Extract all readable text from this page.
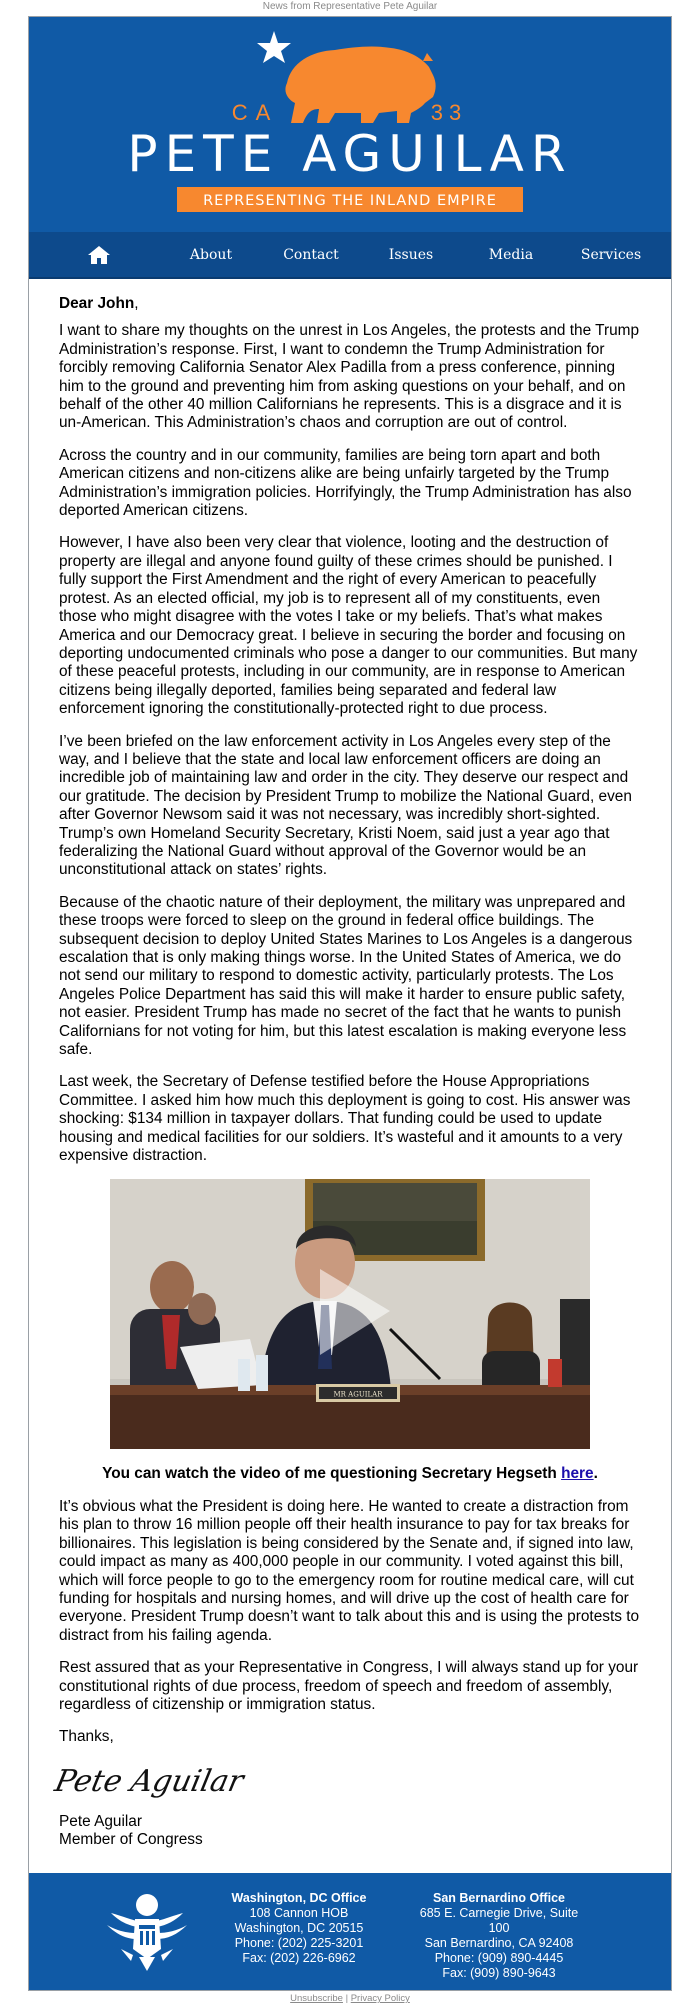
News from Representative Pete Aguilar
CA	33
PETE AGUILAR
REPRESENTING THE INLAND EMPIRE
About	Contact	Issues	Media	Services
Dear John,

I want to share my thoughts on the unrest in Los Angeles, the protests and the Trump Administration’s response. First, I want to condemn the Trump Administration for forcibly removing California Senator Alex Padilla from a press conference, pinning him to the ground and preventing him from asking questions on your behalf, and on behalf of the other 40 million Californians he represents. This is a disgrace and it is un-American. This Administration’s chaos and corruption are out of control.

Across the country and in our community, families are being torn apart and both American citizens and non-citizens alike are being unfairly targeted by the Trump Administration’s immigration policies. Horrifyingly, the Trump Administration has also deported American citizens.

However, I have also been very clear that violence, looting and the destruction of property are illegal and anyone found guilty of these crimes should be punished. I fully support the First Amendment and the right of every American to peacefully protest. As an elected official, my job is to represent all of my constituents, even those who might disagree with the votes I take or my beliefs. That’s what makes America and our Democracy great. I believe in securing the border and focusing on deporting undocumented criminals who pose a danger to our communities. But many of these peaceful protests, including in our community, are in response to American citizens being illegally deported, families being separated and federal law enforcement ignoring the constitutionally-protected right to due process.

I’ve been briefed on the law enforcement activity in Los Angeles every step of the way, and I believe that the state and local law enforcement officers are doing an incredible job of maintaining law and order in the city. They deserve our respect and our gratitude. The decision by President Trump to mobilize the National Guard, even after Governor Newsom said it was not necessary, was incredibly short-sighted. Trump’s own Homeland Security Secretary, Kristi Noem, said just a year ago that federalizing the National Guard without approval of the Governor would be an unconstitutional attack on states’ rights.

Because of the chaotic nature of their deployment, the military was unprepared and these troops were forced to sleep on the ground in federal office buildings. The subsequent decision to deploy United States Marines to Los Angeles is a dangerous escalation that is only making things worse. In the United States of America, we do not send our military to respond to domestic activity, particularly protests. The Los Angeles Police Department has said this will make it harder to ensure public safety, not easier. President Trump has made no secret of the fact that he wants to punish Californians for not voting for him, but this latest escalation is making everyone less safe.

Last week, the Secretary of Defense testified before the House Appropriations Committee. I asked him how much this deployment is going to cost. His answer was shocking: $134 million in taxpayer dollars. That funding could be used to update housing and medical facilities for our soldiers. It’s wasteful and it amounts to a very expensive distraction.

MR AGUILAR
You can watch the video of me questioning Secretary Hegseth here.

It’s obvious what the President is doing here. He wanted to create a distraction from his plan to throw 16 million people off their health insurance to pay for tax breaks for billionaires. This legislation is being considered by the Senate and, if signed into law, could impact as many as 400,000 people in our community. I voted against this bill, which will force people to go to the emergency room for routine medical care, will cut funding for hospitals and nursing homes, and will drive up the cost of health care for everyone. President Trump doesn’t want to talk about this and is using the protests to distract from his failing agenda.

Rest assured that as your Representative in Congress, I will always stand up for your constitutional rights of due process, freedom of speech and freedom of assembly, regardless of citizenship or immigration status.

Thanks,

Pete Aguilar
Pete Aguilar
Member of Congress
Washington, DC Office
108 Cannon HOB
Washington, DC 20515
Phone: (202) 225-3201
Fax: (202) 226-6962
San Bernardino Office
685 E. Carnegie Drive, Suite 100
San Bernardino, CA 92408
Phone: (909) 890-4445
Fax: (909) 890-9643
Unsubscribe | Privacy Policy
